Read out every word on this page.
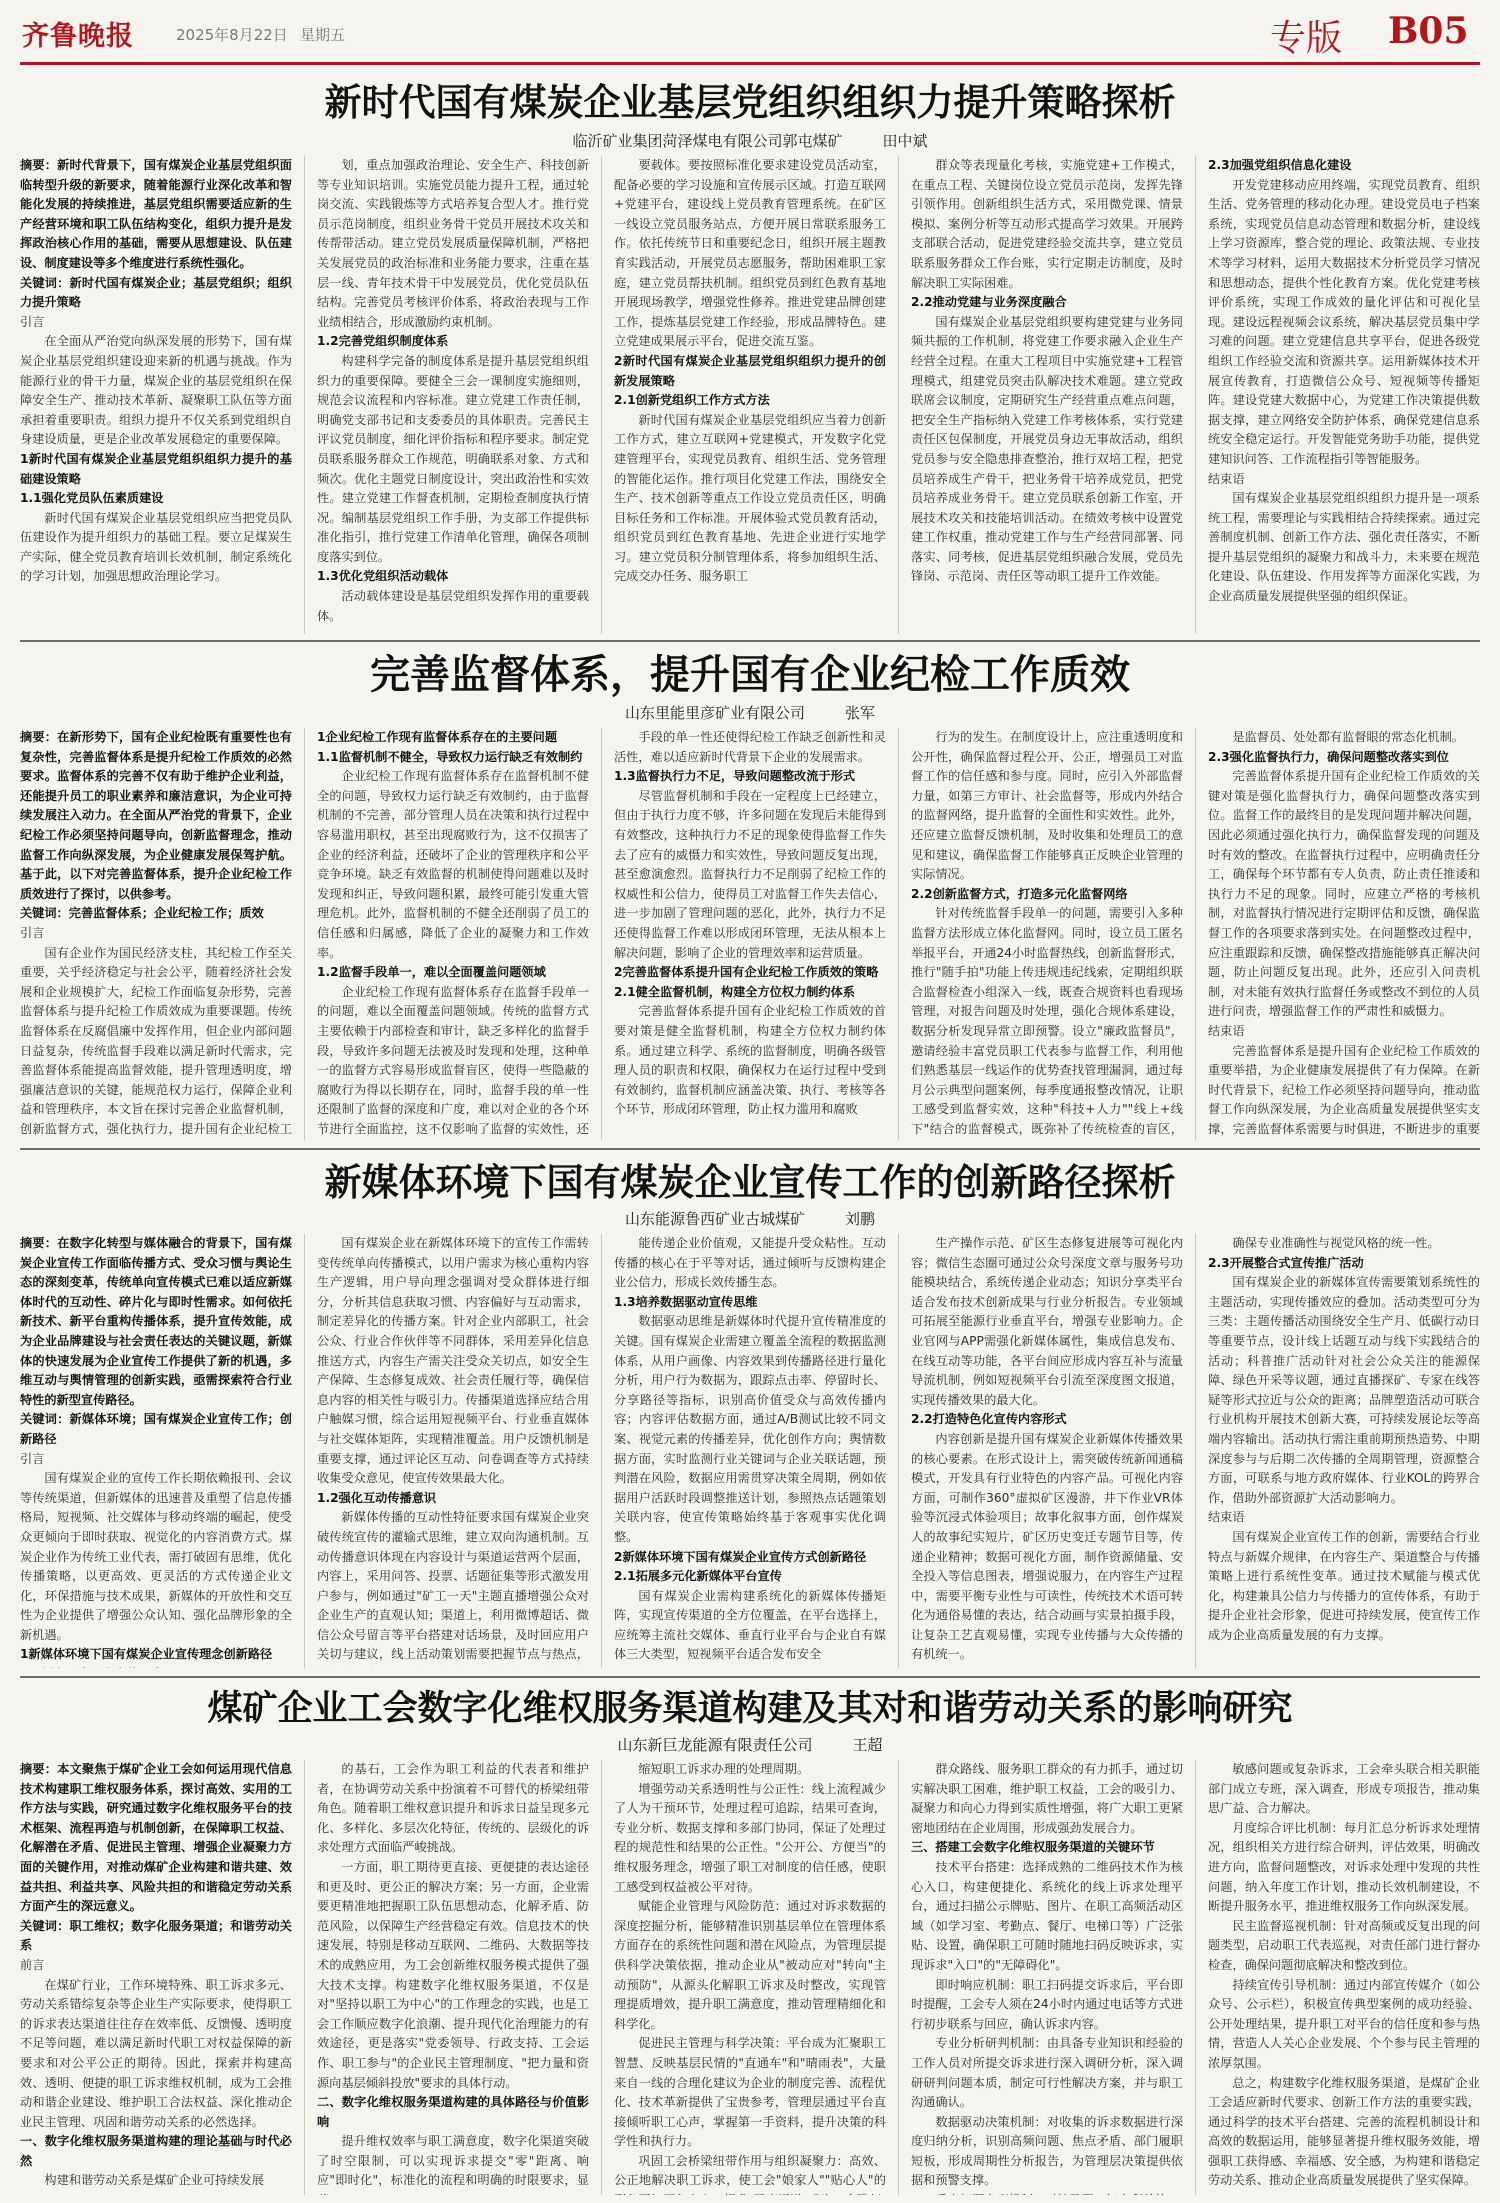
齐鲁晚报	2025年8月22日 星期五	专版 B05
新时代国有煤炭企业基层党组织组织力提升策略探析
临沂矿业集团菏泽煤电有限公司郭屯煤矿	田中斌

摘要：新时代背景下，国有煤炭企业基层党组织面临转型升级的新要求，随着能源行业深化改革和智能化发展的持续推进，基层党组织需要适应新的生产经营环境和职工队伍结构变化，组织力提升是发挥政治核心作用的基础，需要从思想建设、队伍建设、制度建设等多个维度进行系统性强化。

关键词：新时代国有煤炭企业；基层党组织；组织力提升策略

引言

在全面从严治党向纵深发展的形势下，国有煤炭企业基层党组织建设迎来新的机遇与挑战。作为能源行业的骨干力量，煤炭企业的基层党组织在保障安全生产、推动技术革新、凝聚职工队伍等方面承担着重要职责。组织力提升不仅关系到党组织自身建设质量，更是企业改革发展稳定的重要保障。

1新时代国有煤炭企业基层党组织组织力提升的基础建设策略

1.1强化党员队伍素质建设

新时代国有煤炭企业基层党组织应当把党员队伍建设作为提升组织力的基础工程。要立足煤炭生产实际，健全党员教育培训长效机制，制定系统化的学习计划，加强思想政治理论学习。

划，重点加强政治理论、安全生产、科技创新等专业知识培训。实施党员能力提升工程，通过轮岗交流、实践锻炼等方式培养复合型人才。推行党员示范岗制度，组织业务骨干党员开展技术攻关和传帮带活动。建立党员发展质量保障机制，严格把关发展党员的政治标准和业务能力要求，注重在基层一线、青年技术骨干中发展党员，优化党员队伍结构。完善党员考核评价体系，将政治表现与工作业绩相结合，形成激励约束机制。

1.2完善党组织制度体系

构建科学完备的制度体系是提升基层党组织组织力的重要保障。要健全三会一课制度实施细则，规范会议流程和内容标准。建立党建工作责任制，明确党支部书记和支委委员的具体职责。完善民主评议党员制度，细化评价指标和程序要求。制定党员联系服务群众工作规范，明确联系对象、方式和频次。优化主题党日制度设计，突出政治性和实效性。建立党建工作督查机制，定期检查制度执行情况。编制基层党组织工作手册，为支部工作提供标准化指引，推行党建工作清单化管理，确保各项制度落实到位。

1.3优化党组织活动载体

活动载体建设是基层党组织发挥作用的重要载体。

要载体。要按照标准化要求建设党员活动室，配备必要的学习设施和宣传展示区域。打造互联网+党建平台，建设线上党员教育管理系统。在矿区一线设立党员服务站点，方便开展日常联系服务工作。依托传统节日和重要纪念日，组织开展主题教育实践活动，开展党员志愿服务，帮助困难职工家庭，建立党员帮扶机制。组织党员到红色教育基地开展现场教学，增强党性修养。推进党建品牌创建工作，提炼基层党建工作经验，形成品牌特色。建立党建成果展示平台，促进交流互鉴。

2新时代国有煤炭企业基层党组织组织力提升的创新发展策略

2.1创新党组织工作方式方法

新时代国有煤炭企业基层党组织应当着力创新工作方式，建立互联网+党建模式，开发数字化党建管理平台，实现党员教育、组织生活、党务管理的智能化运作。推行项目化党建工作法，围绕安全生产、技术创新等重点工作设立党员责任区，明确目标任务和工作标准。开展体验式党员教育活动，组织党员到红色教育基地、先进企业进行实地学习。建立党员积分制管理体系，将参加组织生活、完成交办任务、服务职工

群众等表现量化考核，实施党建+工作模式，在重点工程、关键岗位设立党员示范岗，发挥先锋引领作用。创新组织生活方式，采用微党课、情景模拟、案例分析等互动形式提高学习效果。开展跨支部联合活动，促进党建经验交流共享，建立党员联系服务群众工作台账，实行定期走访制度，及时解决职工实际困难。

2.2推动党建与业务深度融合

国有煤炭企业基层党组织要构建党建与业务同频共振的工作机制，将党建工作要求融入企业生产经营全过程。在重大工程项目中实施党建+工程管理模式，组建党员突击队解决技术难题。建立党政联席会议制度，定期研究生产经营重点难点问题，把安全生产指标纳入党建工作考核体系，实行党建责任区包保制度，开展党员身边无事故活动，组织党员参与安全隐患排查整治，推行双培工程，把党员培养成生产骨干，把业务骨干培养成党员，把党员培养成业务骨干。建立党员联系创新工作室，开展技术攻关和技能培训活动。在绩效考核中设置党建工作权重，推动党建工作与生产经营同部署、同落实、同考核，促进基层党组织融合发展，党员先锋岗、示范岗、责任区等动职工提升工作效能。

2.3加强党组织信息化建设

开发党建移动应用终端，实现党员教育、组织生活、党务管理的移动化办理。建设党员电子档案系统，实现党员信息动态管理和数据分析，建设线上学习资源库，整合党的理论、政策法规、专业技术等学习材料，运用大数据技术分析党员学习情况和思想动态，提供个性化教育方案。优化党建考核评价系统，实现工作成效的量化评估和可视化呈现。建设远程视频会议系统，解决基层党员集中学习难的问题。建立党建信息共享平台，促进各级党组织工作经验交流和资源共享。运用新媒体技术开展宣传教育，打造微信公众号、短视频等传播矩阵。建设党建大数据中心，为党建工作决策提供数据支撑，建立网络安全防护体系，确保党建信息系统安全稳定运行。开发智能党务助手功能，提供党建知识问答、工作流程指引等智能服务。

结束语

国有煤炭企业基层党组织组织力提升是一项系统工程，需要理论与实践相结合持续探索。通过完善制度机制、创新工作方法、强化责任落实，不断提升基层党组织的凝聚力和战斗力，未来要在规范化建设、队伍建设、作用发挥等方面深化实践，为企业高质量发展提供坚强的组织保证。

完善监督体系，提升国有企业纪检工作质效
山东里能里彦矿业有限公司	张军

摘要：在新形势下，国有企业纪检既有重要性也有复杂性，完善监督体系是提升纪检工作质效的必然要求。监督体系的完善不仅有助于维护企业利益，还能提升员工的职业素养和廉洁意识，为企业可持续发展注入动力。在全面从严治党的背景下，企业纪检工作必须坚持问题导向，创新监督理念，推动监督工作向纵深发展，为企业健康发展保驾护航。基于此，以下对完善监督体系，提升企业纪检工作质效进行了探讨，以供参考。

关键词：完善监督体系；企业纪检工作；质效

引言

国有企业作为国民经济支柱，其纪检工作至关重要，关乎经济稳定与社会公平，随着经济社会发展和企业规模扩大，纪检工作面临复杂形势，完善监督体系与提升纪检工作质效成为重要课题。传统监督体系在反腐倡廉中发挥作用，但企业内部问题日益复杂，传统监督手段难以满足新时代需求，完善监督体系能提高监督效能，提升管理透明度，增强廉洁意识的关键，能规范权力运行，保障企业利益和管理秩序，本文旨在探讨完善企业监督机制，创新监督方式，强化执行力，提升国有企业纪检工

1企业纪检工作现有监督体系存在的主要问题

1.1监督机制不健全，导致权力运行缺乏有效制约

企业纪检工作现有监督体系存在监督机制不健全的问题，导致权力运行缺乏有效制约，由于监督机制的不完善，部分管理人员在决策和执行过程中容易滥用职权，甚至出现腐败行为，这不仅损害了企业的经济利益，还破坏了企业的管理秩序和公平竞争环境。缺乏有效监督的机制使得问题难以及时发现和纠正，导致问题积累，最终可能引发重大管理危机。此外，监督机制的不健全还削弱了员工的信任感和归属感，降低了企业的凝聚力和工作效率。

1.2监督手段单一，难以全面覆盖问题领域

企业纪检工作现有监督体系存在监督手段单一的问题，难以全面覆盖问题领域。传统的监督方式主要依赖于内部检查和审计，缺乏多样化的监督手段，导致许多问题无法被及时发现和处理，这种单一的监督方式容易形成监督盲区，使得一些隐蔽的腐败行为得以长期存在，同时，监督手段的单一性还限制了监督的深度和广度，难以对企业的各个环节进行全面监控，这不仅影响了监督的实效性，还

手段的单一性还使得纪检工作缺乏创新性和灵活性，难以适应新时代背景下企业的发展需求。

1.3监督执行力不足，导致问题整改流于形式

尽管监督机制和手段在一定程度上已经建立，但由于执行力度不够，许多问题在发现后未能得到有效整改，这种执行力不足的现象使得监督工作失去了应有的威慑力和实效性，导致问题反复出现，甚至愈演愈烈。监督执行力不足削弱了纪检工作的权威性和公信力，使得员工对监督工作失去信心，进一步加剧了管理问题的恶化，此外，执行力不足还使得监督工作难以形成闭环管理，无法从根本上解决问题，影响了企业的管理效率和运营质量。

2完善监督体系提升国有企业纪检工作质效的策略

2.1健全监督机制，构建全方位权力制约体系

完善监督体系提升国有企业纪检工作质效的首要对策是健全监督机制，构建全方位权力制约体系。通过建立科学、系统的监督制度，明确各级管理人员的职责和权限，确保权力在运行过程中受到有效制约，监督机制应涵盖决策、执行、考核等各个环节，形成闭环管理，防止权力滥用和腐败

行为的发生。在制度设计上，应注重透明度和公开性，确保监督过程公开、公正，增强员工对监督工作的信任感和参与度。同时，应引入外部监督力量，如第三方审计、社会监督等，形成内外结合的监督网络，提升监督的全面性和实效性。此外，还应建立监督反馈机制，及时收集和处理员工的意见和建议，确保监督工作能够真正反映企业管理的实际情况。

2.2创新监督方式，打造多元化监督网络

针对传统监督手段单一的问题，需要引入多种监督方法形成立体化监督网。同时，设立员工匿名举报平台，开通24小时监督热线，创新监督形式，推行"随手拍"功能上传违规违纪线索，定期组织联合监督检查小组深入一线，既查合规资料也看现场管理，对报告问题及时处理，强化合规体系建设，数据分析发现异常立即预警。设立"廉政监督员"，邀请经验丰富党员职工代表参与监督工作，利用他们熟悉基层一线运作的优势查找管理漏洞，通过每月公示典型问题案例，每季度通报整改情况，让职工感受到监督实效，这种"科技+人力""线上+线下"结合的监督模式，既弥补了传统检查的盲区，

是监督员、处处都有监督眼的常态化机制。

2.3强化监督执行力，确保问题整改落实到位

完善监督体系提升国有企业纪检工作质效的关键对策是强化监督执行力，确保问题整改落实到位。监督工作的最终目的是发现问题并解决问题，因此必须通过强化执行力，确保监督发现的问题及时有效的整改。在监督执行过程中，应明确责任分工，确保每个环节都有专人负责，防止责任推诿和执行力不足的现象。同时，应建立严格的考核机制，对监督执行情况进行定期评估和反馈，确保监督工作的各项要求落到实处。在问题整改过程中，应注重跟踪和反馈，确保整改措施能够真正解决问题，防止问题反复出现。此外，还应引入问责机制，对未能有效执行监督任务或整改不到位的人员进行问责，增强监督工作的严肃性和威慑力。

结束语

完善监督体系是提升国有企业纪检工作质效的重要举措，为企业健康发展提供了有力保障。在新时代背景下，纪检工作必须坚持问题导向，推动监督工作向纵深发展，为企业高质量发展提供坚实支撑，完善监督体系需要与时俱进，不断进步的重要

新媒体环境下国有煤炭企业宣传工作的创新路径探析
山东能源鲁西矿业古城煤矿	刘鹏

摘要：在数字化转型与媒体融合的背景下，国有煤炭企业宣传工作面临传播方式、受众习惯与舆论生态的深刻变革，传统单向宣传模式已难以适应新媒体时代的互动性、碎片化与即时性需求。如何依托新技术、新平台重构传播体系，提升宣传效能，成为企业品牌建设与社会责任表达的关键议题，新媒体的快速发展为企业宣传工作提供了新的机遇，多维互动与舆情管理的创新实践，亟需探索符合行业特性的新型宣传路径。

关键词：新媒体环境；国有煤炭企业宣传工作；创新路径

引言

国有煤炭企业的宣传工作长期依赖报刊、会议等传统渠道，但新媒体的迅速普及重塑了信息传播格局，短视频、社交媒体与移动终端的崛起，使受众更倾向于即时获取、视觉化的内容消费方式。煤炭企业作为传统工业代表，需打破固有思维，优化传播策略，以更高效、更灵活的方式传递企业文化，环保措施与技术成果，新媒体的开放性和交互性为企业提供了增强公众认知、强化品牌形象的全新机遇。

1新媒体环境下国有煤炭企业宣传理念创新路径

国有煤炭企业在新媒体环境下的宣传工作需转变传统单向传播模式，以用户需求为核心重构内容生产逻辑，用户导向理念强调对受众群体进行细分，分析其信息获取习惯、内容偏好与互动需求，制定差异化的传播方案。针对企业内部职工，社会公众、行业合作伙伴等不同群体，采用差异化信息推送方式，内容生产需关注受众关切点，如安全生产保障、生态修复成效、社会责任履行等，确保信息内容的相关性与吸引力。传播渠道选择应结合用户触媒习惯，综合运用短视频平台、行业垂直媒体与社交媒体矩阵，实现精准覆盖。用户反馈机制是重要支撑，通过评论区互动、问卷调查等方式持续收集受众意见，使宣传效果最大化。

1.2强化互动传播意识

新媒体传播的互动性特征要求国有煤炭企业突破传统宣传的灌输式思维，建立双向沟通机制。互动传播意识体现在内容设计与渠道运营两个层面，内容上，采用问答、投票、话题征集等形式激发用户参与，例如通过"矿工一天"主题直播增强公众对企业生产的直观认知；渠道上，利用微博超话、微信公众号留言等平台搭建对话场景，及时回应用户关切与建议，线上活动策划需要把握节点与热点，

能传递企业价值观，又能提升受众粘性。互动传播的核心在于平等对话，通过倾听与反馈构建企业公信力，形成长效传播生态。

1.3培养数据驱动宣传思维

数据驱动思维是新媒体时代提升宣传精准度的关键。国有煤炭企业需建立覆盖全流程的数据监测体系，从用户画像、内容效果到传播路径进行量化分析，用户行为数据为，跟踪点击率、停留时长、分享路径等指标，识别高价值受众与高效传播内容；内容评估数据方面，通过A/B测试比较不同文案、视觉元素的传播差异，优化创作方向；舆情数据方面，实时监测行业关键词与企业关联话题，预判潜在风险，数据应用需贯穿决策全周期，例如依据用户活跃时段调整推送计划，参照热点话题策划关联内容，使宣传策略始终基于客观事实优化调整。

2新媒体环境下国有煤炭企业宣传方式创新路径

2.1拓展多元化新媒体平台宣传

国有煤炭企业需构建系统化的新媒体传播矩阵，实现宣传渠道的全方位覆盖，在平台选择上，应统筹主流社交媒体、垂直行业平台与企业自有媒体三大类型，短视频平台适合发布安全

生产操作示范、矿区生态修复进展等可视化内容；微信生态圈可通过公众号深度文章与服务号功能模块结合，系统传递企业动态；知识分享类平台适合发布技术创新成果与行业分析报告。专业领域可拓展至能源行业垂直平台，增强专业影响力。企业官网与APP需强化新媒体属性，集成信息发布、在线互动等功能，各平台间应形成内容互补与流量导流机制，例如短视频平台引流至深度图文报道，实现传播效果的最大化。

2.2打造特色化宣传内容形式

内容创新是提升国有煤炭企业新媒体传播效果的核心要素。在形式设计上，需突破传统新闻通稿模式，开发具有行业特色的内容产品。可视化内容方面，可制作360°虚拟矿区漫游，井下作业VR体验等沉浸式体验项目；故事化叙事方面，创作煤炭人的故事纪实短片，矿区历史变迁专题节目等，传递企业精神；数据可视化方面，制作资源储量、安全投入等信息图表，增强说服力，在内容生产过程中，需要平衡专业性与可读性，传统技术术语可转化为通俗易懂的表达，结合动画与实景拍摄手段，让复杂工艺直观易懂，实现专业传播与大众传播的有机统一。

确保专业准确性与视觉风格的统一性。

2.3开展整合式宣传推广活动

国有煤炭企业的新媒体宣传需要策划系统性的主题活动，实现传播效应的叠加。活动类型可分为三类：主题传播活动围绕安全生产月、低碳行动日等重要节点，设计线上话题互动与线下实践结合的活动；科普推广活动针对社会公众关注的能源保障、绿色开采等议题，通过直播探矿、专家在线答疑等形式拉近与公众的距离；品牌塑造活动可联合行业机构开展技术创新大赛，可持续发展论坛等高端内容输出。活动执行需注重前期预热造势、中期深度参与与后期二次传播的全周期管理，资源整合方面，可联系与地方政府媒体、行业KOL的跨界合作，借助外部资源扩大活动影响力。

结束语

国有煤炭企业宣传工作的创新，需要结合行业特点与新媒介规律，在内容生产、渠道整合与传播策略上进行系统性变革。通过技术赋能与模式优化，构建兼具公信力与传播力的宣传体系，有助于提升企业社会形象，促进可持续发展，使宣传工作成为企业高质量发展的有力支撑。

煤矿企业工会数字化维权服务渠道构建及其对和谐劳动关系的影响研究
山东新巨龙能源有限责任公司	王超

摘要：本文聚焦于煤矿企业工会如何运用现代信息技术构建职工维权服务体系，探讨高效、实用的工作方法与实践，研究通过数字化维权服务平台的技术框架、流程再造与机制创新，在保障职工权益、化解潜在矛盾、促进民主管理、增强企业凝聚力方面的关键作用，对推动煤矿企业构建和谐共建、效益共担、利益共享、风险共担的和谐稳定劳动关系方面产生的深远意义。

关键词：职工维权；数字化服务渠道；和谐劳动关系

前言

在煤矿行业，工作环境特殊、职工诉求多元、劳动关系错综复杂等企业生产实际要求，使得职工的诉求表达渠道往往存在效率低、反馈慢、透明度不足等问题，难以满足新时代职工对权益保障的新要求和对公平公正的期待。因此，探索并构建高效、透明、便捷的职工诉求维权机制，成为工会推动和谐企业建设、维护职工合法权益、深化推动企业民主管理、巩固和谐劳动关系的必然选择。

一、数字化维权服务渠道构建的理论基础与时代必然

构建和谐劳动关系是煤矿企业可持续发展

的基石，工会作为职工利益的代表者和维护者，在协调劳动关系中扮演着不可替代的桥梁纽带角色。随着职工维权意识提升和诉求日益呈现多元化、多样化、多层次化特征，传统的、层级化的诉求处理方式面临严峻挑战。

一方面，职工期待更直接、更便捷的表达途径和更及时、更公正的解决方案；另一方面，企业需要更精准地把握职工队伍思想动态，化解矛盾、防范风险，以保障生产经营稳定有效。信息技术的快速发展，特别是移动互联网、二维码、大数据等技术的成熟应用，为工会创新维权服务模式提供了强大技术支撑。构建数字化维权服务渠道，不仅是对"坚持以职工为中心"的工作理念的实践，也是工会工作顺应数字化浪潮、提升现代化治理能力的有效途径，更是落实"党委领导、行政支持、工会运作、职工参与"的企业民主管理制度、"把力量和资源向基层倾斜投放"要求的具体行动。

二、数字化维权服务渠道构建的具体路径与价值影响

提升维权效率与职工满意度，数字化渠道突破了时空限制，可以实现诉求提交"零"距离、响应"即时化"，标准化的流程和明确的时限要求，显

缩短职工诉求办理的处理周期。

增强劳动关系透明性与公正性：线上流程减少了人为干预环节，处理过程可追踪，结果可查询，专业分析、数据支撑和多部门协同，保证了处理过程的规范性和结果的公正性。"公开公、方便当"的维权服务理念，增强了职工对制度的信任感，使职工感受到权益被公平对待。

赋能企业管理与风险防范：通过对诉求数据的深度挖掘分析，能够精准识别基层单位在管理体系方面存在的系统性问题和潜在风险点，为管理层提供科学决策依据，推动企业从"被动应对"转向"主动预防"，从源头化解职工诉求及时整改，实现管理提质增效，提升职工满意度，推动管理精细化和科学化。

促进民主管理与科学决策：平台成为汇聚职工智慧、反映基层民情的"直通车"和"晴雨表"，大量来自一线的合理化建议为企业的制度完善、流程优化、技术革新提供了宝贵参考，管理层通过平台直接倾听职工心声，掌握第一手资料，提升决策的科学性和执行力。

巩固工会桥梁纽带作用与组织凝聚力：高效、公正地解决职工诉求，使工会"娘家人""贴心人"的

群众路线、服务职工群众的有力抓手，通过切实解决职工困难，维护职工权益，工会的吸引力、凝聚力和向心力得到实质性增强，将广大职工更紧密地团结在企业周围，形成强劲发展合力。

三、搭建工会数字化维权服务渠道的关键环节

技术平台搭建：选择成熟的二维码技术作为核心入口，构建便捷化、系统化的线上诉求处理平台，通过扫描公示牌贴、图片、在职工高频活动区域（如学习室、考勤点、餐厅、电梯口等）广泛张贴、设置，确保职工可随时随地扫码反映诉求，实现诉求"入口"的"无障碍化"。

即时响应机制：职工扫码提交诉求后，平台即时提醒，工会专人须在24小时内通过电话等方式进行初步联系与回应，确认诉求内容。

专业分析研判机制：由具备专业知识和经验的工作人员对所提交诉求进行深入调研分析，深入调研研判问题本质，制定可行性解决方案，并与职工沟通确认。

数据驱动决策机制：对收集的诉求数据进行深度归纳分析，识别高频问题、焦点矛盾、部门履职短板，形成周期性分析报告，为管理层决策提供依据和预警支撑。

敏感问题或复杂诉求，工会牵头联合相关职能部门成立专班，深入调查，形成专项报告，推动集思广益、合力解决。

月度综合评比机制：每月汇总分析诉求处理情况，组织相关方进行综合研判，评估效果，明确改进方向，监督问题整改，对诉求处理中发现的共性问题，纳入年度工作计划，推动长效机制建设，不断提升服务水平，推进维权服务工作向纵深发展。

民主监督巡视机制：针对高频或反复出现的问题类型，启动职工代表巡视，对责任部门进行督办检查，确保问题彻底解决和整改到位。

持续宣传引导机制：通过内部宣传媒介（如公众号、公示栏），积极宣传典型案例的成功经验、公开处理结果，提升职工对平台的信任度和参与热情，营造人人关心企业发展、个个参与民主管理的浓厚氛围。

总之，构建数字化维权服务渠道，是煤矿企业工会适应新时代要求、创新工作方法的重要实践，通过科学的技术平台搭建、完善的流程机制设计和高效的数据运用，能够显著提升维权服务效能，增强职工获得感、幸福感、安全感，为构建和谐稳定劳动关系、推动企业高质量发展提供了坚实保障。
